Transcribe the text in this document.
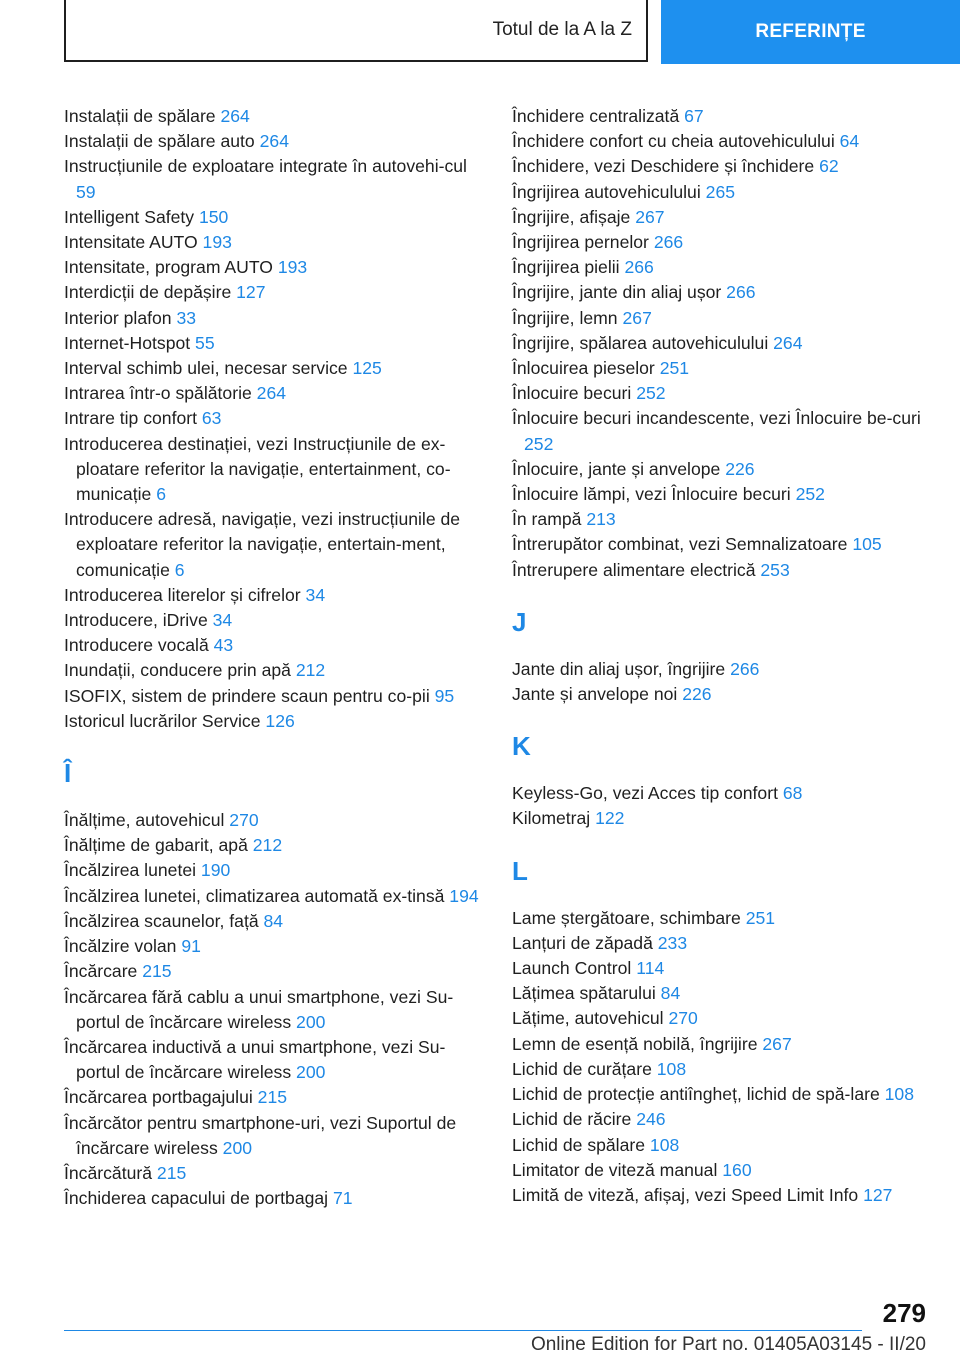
Totul de la A la Z	REFERINȚE
Instalații de spălare 264
Instalații de spălare auto 264
Instrucțiunile de exploatare integrate în autovehi-cul 59
Intelligent Safety 150
Intensitate AUTO 193
Intensitate, program AUTO 193
Interdicții de depășire 127
Interior plafon 33
Internet-Hotspot 55
Interval schimb ulei, necesar service 125
Intrarea într-o spălătorie 264
Intrare tip confort 63
Introducerea destinației, vezi Instrucțiunile de ex-ploatare referitor la navigație, entertainment, co-municație 6
Introducere adresă, navigație, vezi instrucțiunile de exploatare referitor la navigație, entertain-ment, comunicație 6
Introducerea literelor și cifrelor 34
Introducere, iDrive 34
Introducere vocală 43
Inundații, conducere prin apă 212
ISOFIX, sistem de prindere scaun pentru co-pii 95
Istoricul lucrărilor Service 126
Î
Înălțime, autovehicul 270
Înălțime de gabarit, apă 212
Încălzirea lunetei 190
Încălzirea lunetei, climatizarea automată ex-tinsă 194
Încălzirea scaunelor, față 84
Încălzire volan 91
Încărcare 215
Încărcarea fără cablu a unui smartphone, vezi Su-portul de încărcare wireless 200
Încărcarea inductivă a unui smartphone, vezi Su-portul de încărcare wireless 200
Încărcarea portbagajului 215
Încărcător pentru smartphone-uri, vezi Suportul de încărcare wireless 200
Încărcătură 215
Închiderea capacului de portbagaj 71
Închidere centralizată 67
Închidere confort cu cheia autovehiculului 64
Închidere, vezi Deschidere și închidere 62
Îngrijirea autovehiculului 265
Îngrijire, afișaje 267
Îngrijirea pernelor 266
Îngrijirea pielii 266
Îngrijire, jante din aliaj ușor 266
Îngrijire, lemn 267
Îngrijire, spălarea autovehiculului 264
Înlocuirea pieselor 251
Înlocuire becuri 252
Înlocuire becuri incandescente, vezi Înlocuire be-curi 252
Înlocuire, jante și anvelope 226
Înlocuire lămpi, vezi Înlocuire becuri 252
În rampă 213
Întrerupător combinat, vezi Semnalizatoare 105
Întrerupere alimentare electrică 253
J
Jante din aliaj ușor, îngrijire 266
Jante și anvelope noi 226
K
Keyless-Go, vezi Acces tip confort 68
Kilometraj 122
L
Lame ștergătoare, schimbare 251
Lanțuri de zăpadă 233
Launch Control 114
Lățimea spătarului 84
Lățime, autovehicul 270
Lemn de esență nobilă, îngrijire 267
Lichid de curățare 108
Lichid de protecție antiîngheț, lichid de spă-lare 108
Lichid de răcire 246
Lichid de spălare 108
Limitator de viteză manual 160
Limită de viteză, afișaj, vezi Speed Limit Info 127
279
Online Edition for Part no. 01405A03145 - II/20
